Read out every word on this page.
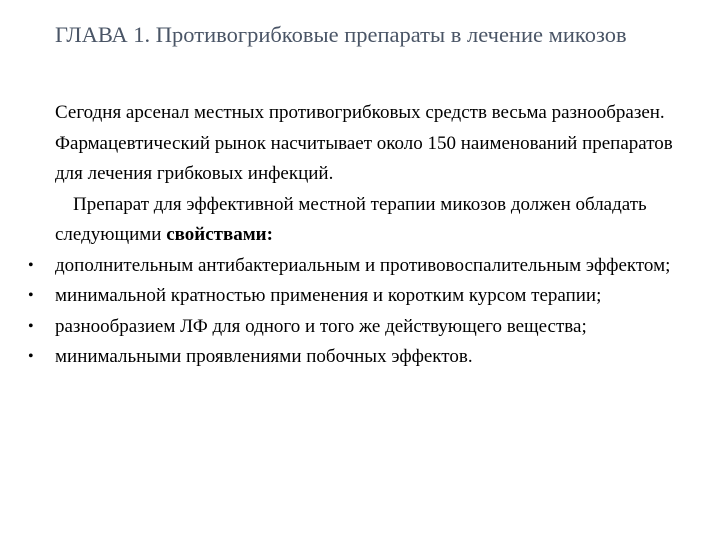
ГЛАВА 1. Противогрибковые препараты в лечение микозов

Сегодня арсенал местных противогрибковых средств весьма разнообразен. Фармацевтический рынок насчитывает около 150 наименований препаратов для лечения грибковых инфекций.

Препарат для эффективной местной терапии микозов должен обладать следующими свойствами:

• дополнительным антибактериальным и противовоспалительным эффектом;
• минимальной кратностью применения и коротким курсом терапии;
• разнообразием ЛФ для одного и того же действующего вещества;
• минимальными проявлениями побочных эффектов.
